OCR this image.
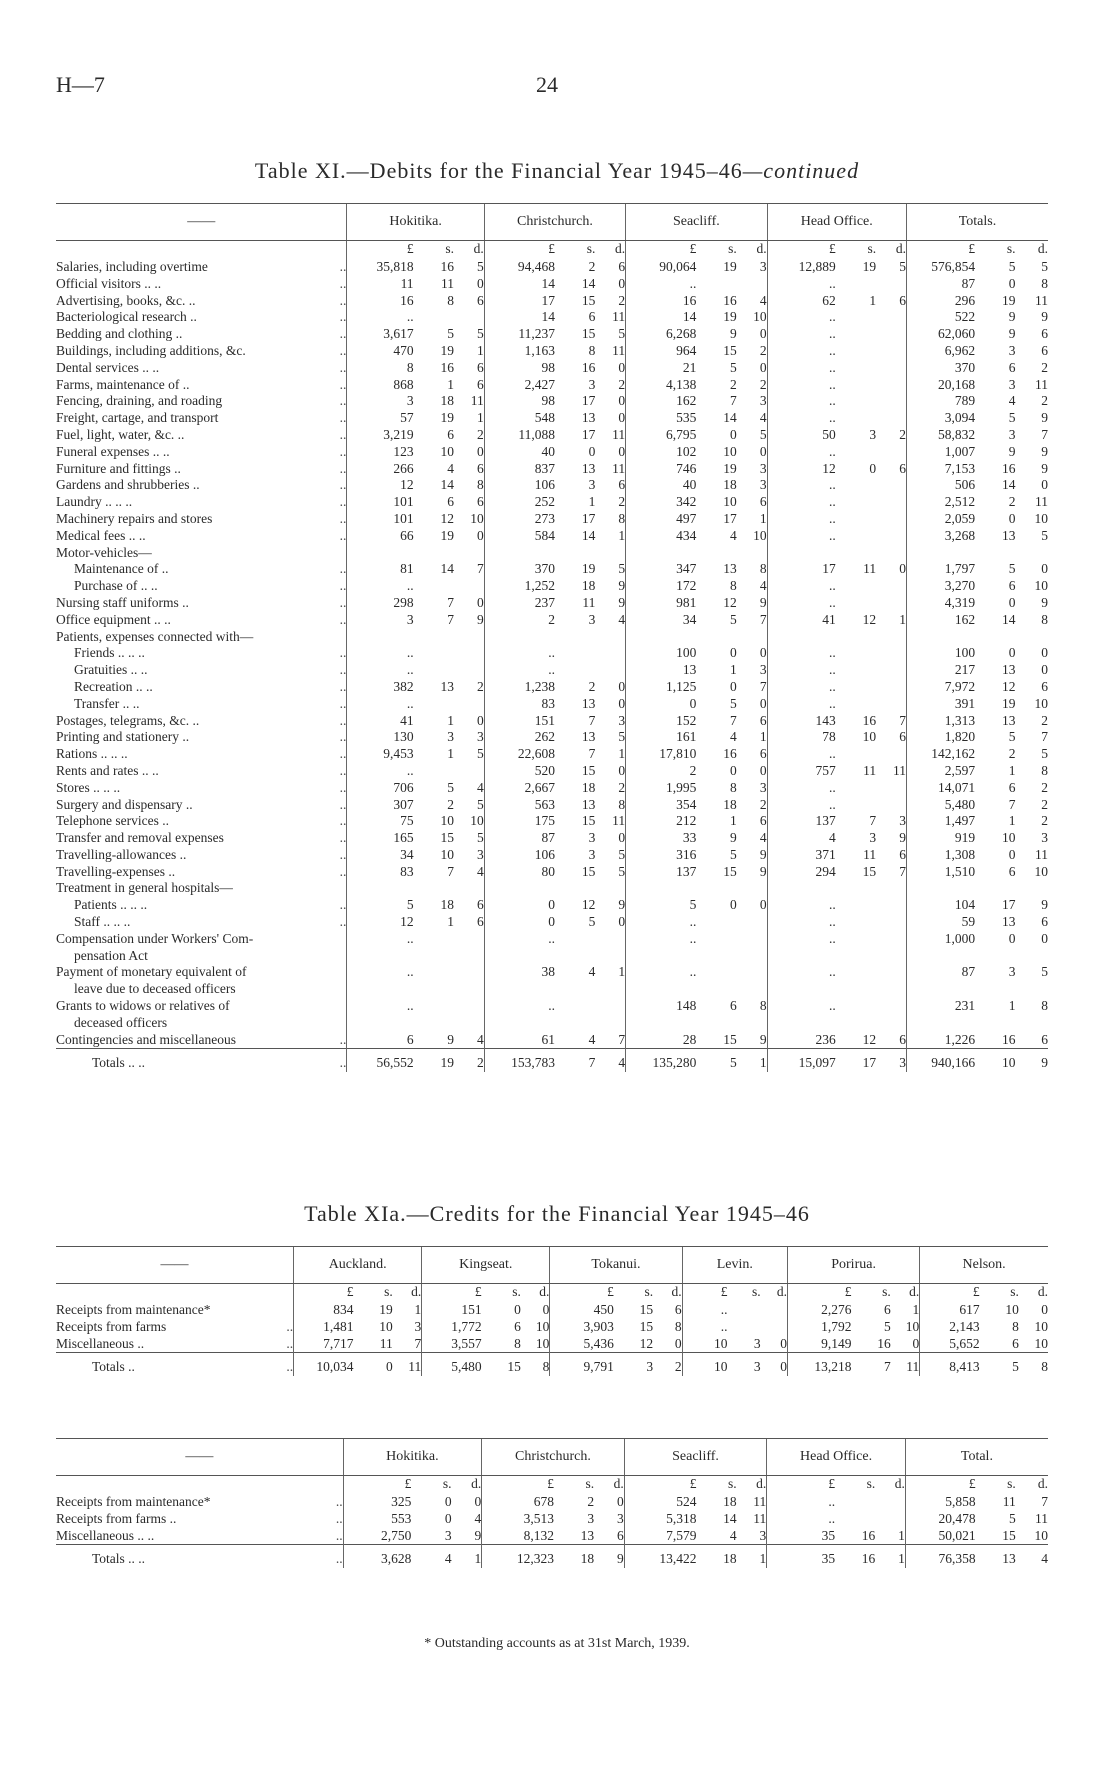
H—7	24
Table XI.—Debits for the Financial Year 1945–46—continued
——		Hokitika.			Christchurch.			Seacliff.			Head Office.			Totals.		
		£	s.	d.	£	s.	d.	£	s.	d.	£	s.	d.	£	s.	d.
Salaries, including overtime	..	35,818	16	5	94,468	2	6	90,064	19	3	12,889	19	5	576,854	5	5
Official visitors .. ..	..	11	11	0	14	14	0	..			..			87	0	8
Advertising, books, &c. ..	..	16	8	6	17	15	2	16	16	4	62	1	6	296	19	11
Bacteriological research ..	..	..			14	6	11	14	19	10	..			522	9	9
Bedding and clothing ..	..	3,617	5	5	11,237	15	5	6,268	9	0	..			62,060	9	6
Buildings, including additions, &c.	..	470	19	1	1,163	8	11	964	15	2	..			6,962	3	6
Dental services .. ..	..	8	16	6	98	16	0	21	5	0	..			370	6	2
Farms, maintenance of ..	..	868	1	6	2,427	3	2	4,138	2	2	..			20,168	3	11
Fencing, draining, and roading	..	3	18	11	98	17	0	162	7	3	..			789	4	2
Freight, cartage, and transport	..	57	19	1	548	13	0	535	14	4	..			3,094	5	9
Fuel, light, water, &c. ..	..	3,219	6	2	11,088	17	11	6,795	0	5	50	3	2	58,832	3	7
Funeral expenses .. ..	..	123	10	0	40	0	0	102	10	0	..			1,007	9	9
Furniture and fittings ..	..	266	4	6	837	13	11	746	19	3	12	0	6	7,153	16	9
Gardens and shrubberies ..	..	12	14	8	106	3	6	40	18	3	..			506	14	0
Laundry .. .. ..	..	101	6	6	252	1	2	342	10	6	..			2,512	2	11
Machinery repairs and stores	..	101	12	10	273	17	8	497	17	1	..			2,059	0	10
Medical fees .. ..	..	66	19	0	584	14	1	434	4	10	..			3,268	13	5
Motor-vehicles—																
Maintenance of ..	..	81	14	7	370	19	5	347	13	8	17	11	0	1,797	5	0
Purchase of .. ..	..	..			1,252	18	9	172	8	4	..			3,270	6	10
Nursing staff uniforms ..	..	298	7	0	237	11	9	981	12	9	..			4,319	0	9
Office equipment .. ..	..	3	7	9	2	3	4	34	5	7	41	12	1	162	14	8
Patients, expenses connected with—																
Friends .. .. ..	..	..			..			100	0	0	..			100	0	0
Gratuities .. ..	..	..			..			13	1	3	..			217	13	0
Recreation .. ..	..	382	13	2	1,238	2	0	1,125	0	7	..			7,972	12	6
Transfer .. ..	..	..			83	13	0	0	5	0	..			391	19	10
Postages, telegrams, &c. ..	..	41	1	0	151	7	3	152	7	6	143	16	7	1,313	13	2
Printing and stationery ..	..	130	3	3	262	13	5	161	4	1	78	10	6	1,820	5	7
Rations .. .. ..	..	9,453	1	5	22,608	7	1	17,810	16	6	..			142,162	2	5
Rents and rates .. ..	..	..			520	15	0	2	0	0	757	11	11	2,597	1	8
Stores .. .. ..	..	706	5	4	2,667	18	2	1,995	8	3	..			14,071	6	2
Surgery and dispensary ..	..	307	2	5	563	13	8	354	18	2	..			5,480	7	2
Telephone services ..	..	75	10	10	175	15	11	212	1	6	137	7	3	1,497	1	2
Transfer and removal expenses	..	165	15	5	87	3	0	33	9	4	4	3	9	919	10	3
Travelling-allowances ..	..	34	10	3	106	3	5	316	5	9	371	11	6	1,308	0	11
Travelling-expenses ..	..	83	7	4	80	15	5	137	15	9	294	15	7	1,510	6	10
Treatment in general hospitals—																
Patients .. .. ..	..	5	18	6	0	12	9	5	0	0	..			104	17	9
Staff .. .. ..	..	12	1	6	0	5	0	..			..			59	13	6
Compensation under Workers' Com-		..			..			..			..			1,000	0	0
pensation Act																
Payment of monetary equivalent of		..			38	4	1	..			..			87	3	5
leave due to deceased officers																
Grants to widows or relatives of		..			..			148	6	8	..			231	1	8
deceased officers																
Contingencies and miscellaneous	..	6	9	4	61	4	7	28	15	9	236	12	6	1,226	16	6
Totals .. ..	..	56,552	19	2	153,783	7	4	135,280	5	1	15,097	17	3	940,166	10	9
Table XIa.—Credits for the Financial Year 1945–46
——		Auckland.			Kingseat.			Tokanui.			Levin.			Porirua.			Nelson.		
		£	s.	d.	£	s.	d.	£	s.	d.	£	s.	d.	£	s.	d.	£	s.	d.
Receipts from maintenance*		834	19	1	151	0	0	450	15	6	..			2,276	6	1	617	10	0
Receipts from farms	..	1,481	10	3	1,772	6	10	3,903	15	8	..			1,792	5	10	2,143	8	10
Miscellaneous ..	..	7,717	11	7	3,557	8	10	5,436	12	0	10	3	0	9,149	16	0	5,652	6	10
Totals ..	..	10,034	0	11	5,480	15	8	9,791	3	2	10	3	0	13,218	7	11	8,413	5	8
——		Hokitika.			Christchurch.			Seacliff.			Head Office.			Total.		
		£	s.	d.	£	s.	d.	£	s.	d.	£	s.	d.	£	s.	d.
Receipts from maintenance*	..	325	0	0	678	2	0	524	18	11	..			5,858	11	7
Receipts from farms ..	..	553	0	4	3,513	3	3	5,318	14	11	..			20,478	5	11
Miscellaneous .. ..	..	2,750	3	9	8,132	13	6	7,579	4	3	35	16	1	50,021	15	10
Totals .. ..	..	3,628	4	1	12,323	18	9	13,422	18	1	35	16	1	76,358	13	4
* Outstanding accounts as at 31st March, 1939.
